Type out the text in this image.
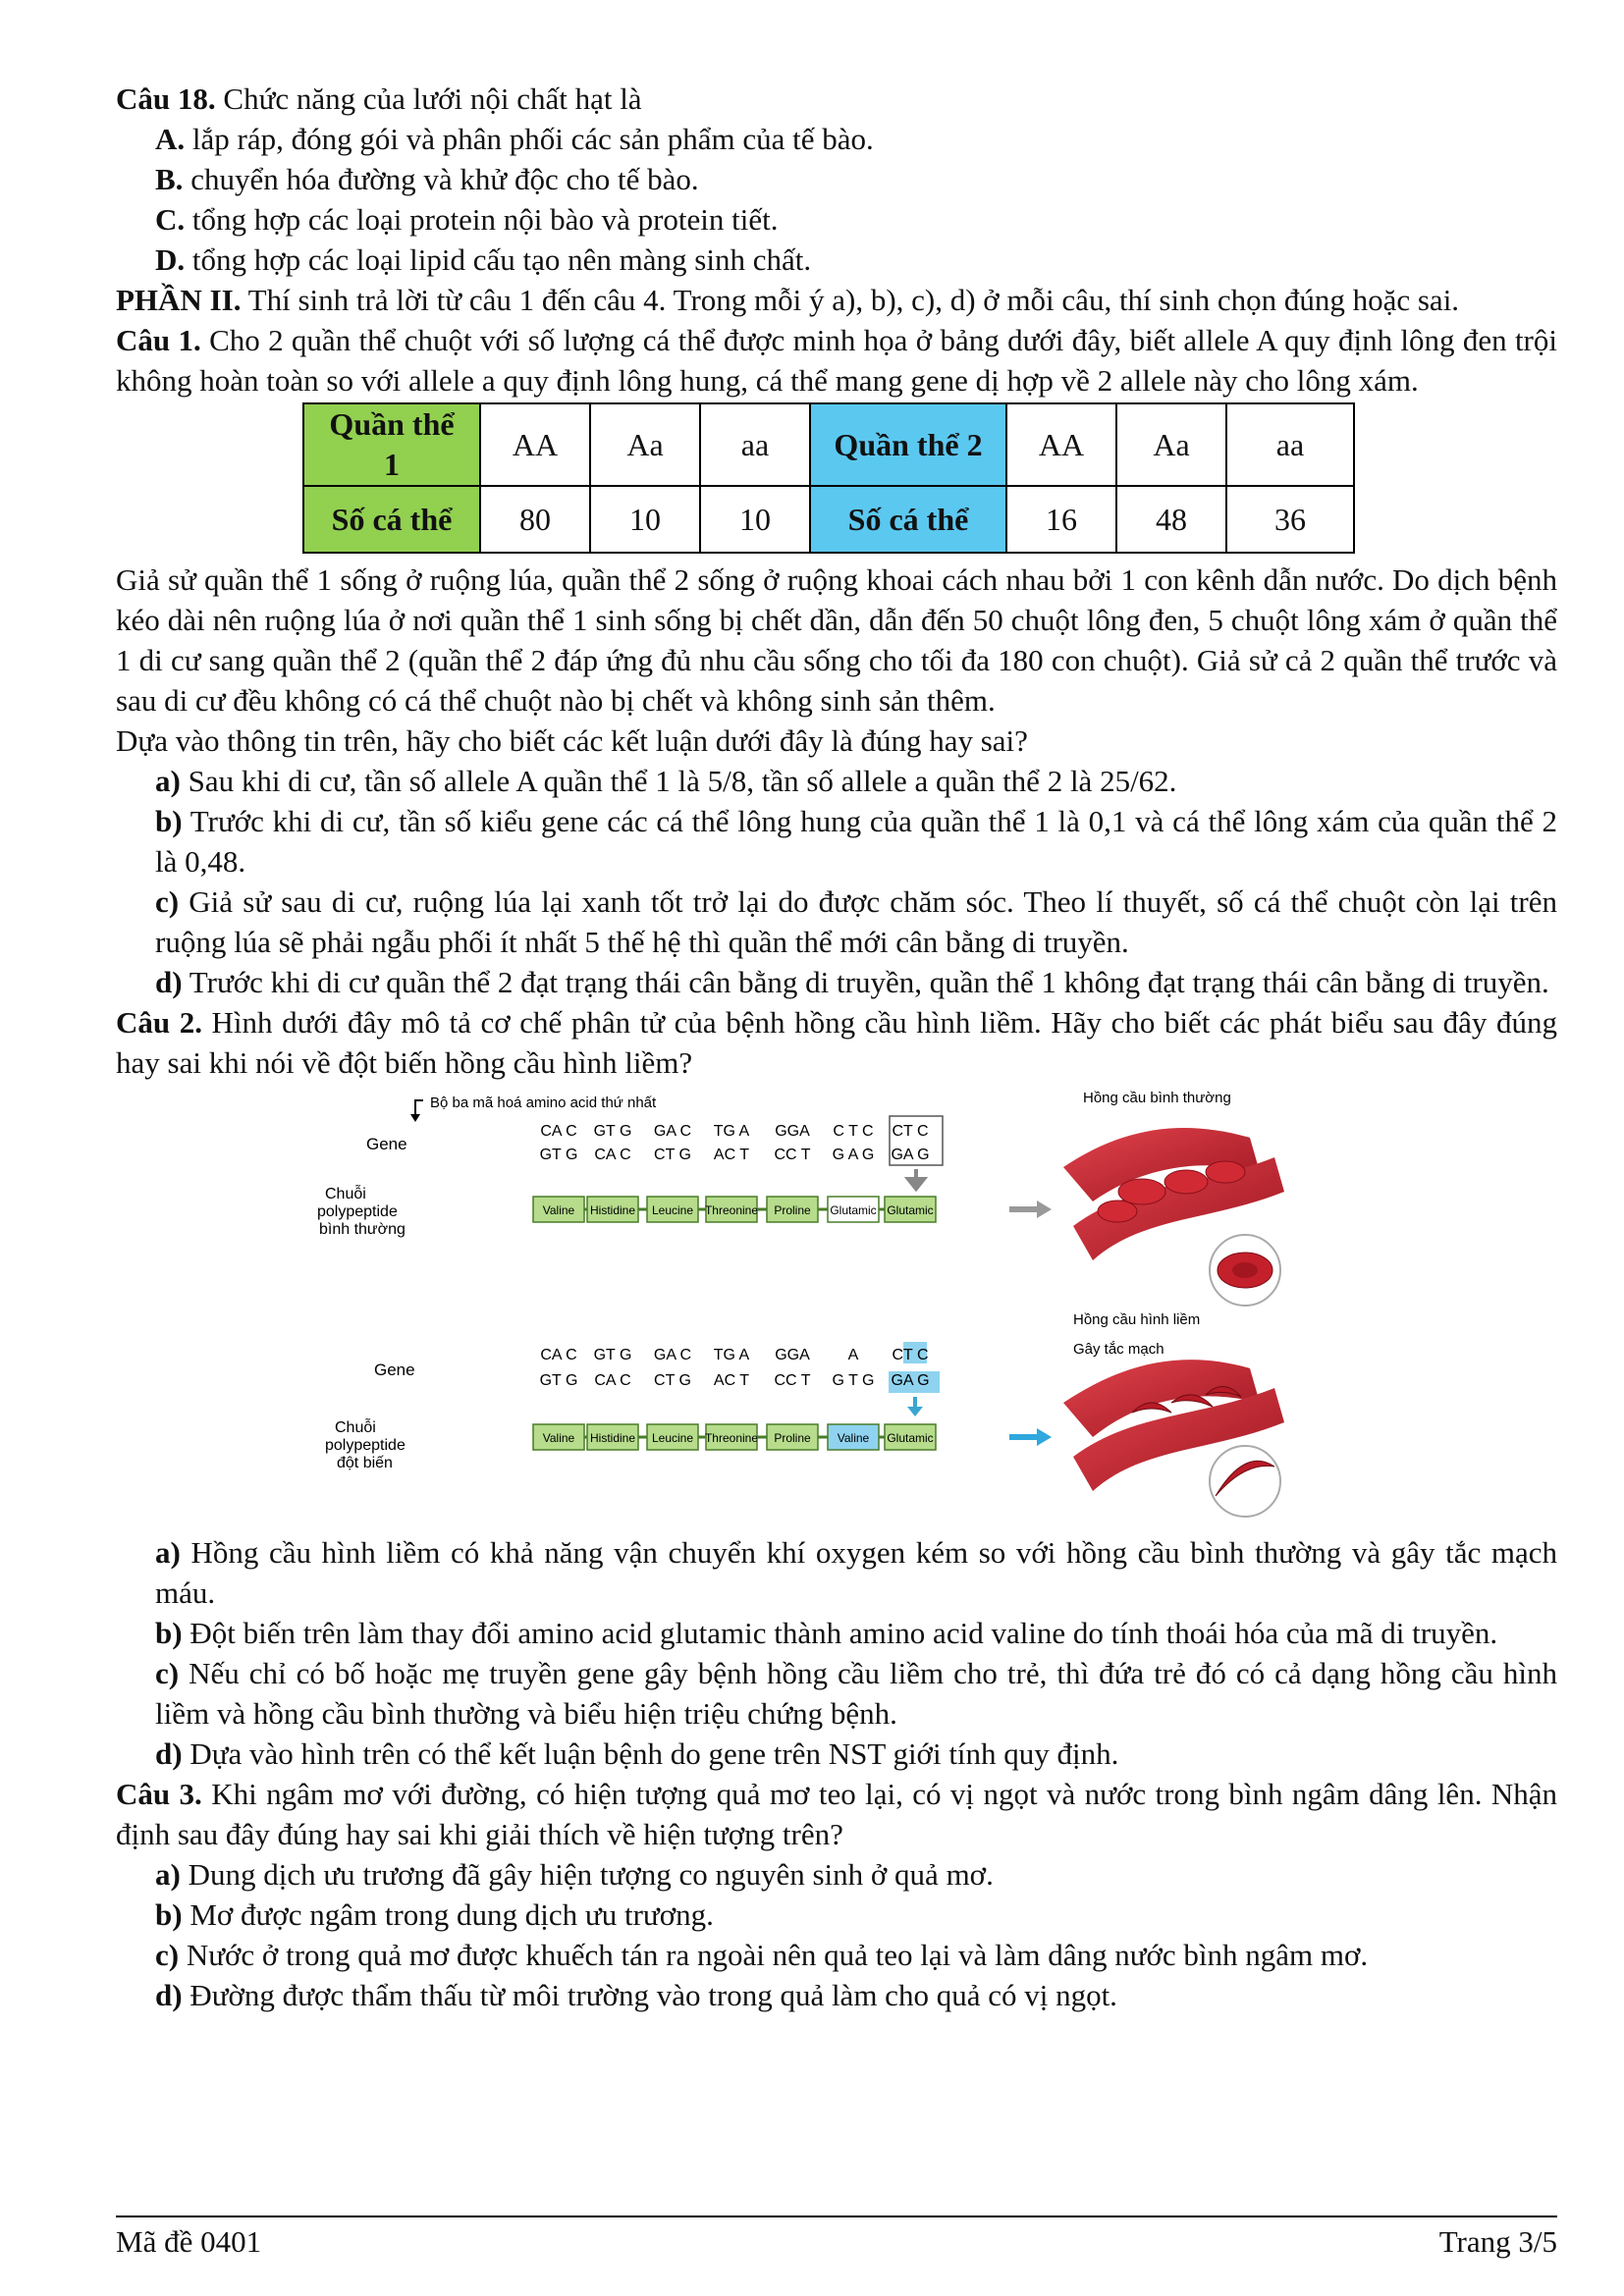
Câu 18. Chức năng của lưới nội chất hạt là

A. lắp ráp, đóng gói và phân phối các sản phẩm của tế bào.

B. chuyển hóa đường và khử độc cho tế bào.

C. tổng hợp các loại protein nội bào và protein tiết.

D. tổng hợp các loại lipid cấu tạo nên màng sinh chất.

PHẦN II. Thí sinh trả lời từ câu 1 đến câu 4. Trong mỗi ý a), b), c), d) ở mỗi câu, thí sinh chọn đúng hoặc sai.

Câu 1. Cho 2 quần thể chuột với số lượng cá thể được minh họa ở bảng dưới đây, biết allele A quy định lông đen trội không hoàn toàn so với allele a quy định lông hung, cá thể mang gene dị hợp về 2 allele này cho lông xám.

Quần thể 1	AA	Aa	aa	Quần thể 2	AA	Aa	aa
Số cá thể	80	10	10	Số cá thể	16	48	36

Giả sử quần thể 1 sống ở ruộng lúa, quần thể 2 sống ở ruộng khoai cách nhau bởi 1 con kênh dẫn nước. Do dịch bệnh kéo dài nên ruộng lúa ở nơi quần thể 1 sinh sống bị chết dần, dẫn đến 50 chuột lông đen, 5 chuột lông xám ở quần thể 1 di cư sang quần thể 2 (quần thể 2 đáp ứng đủ nhu cầu sống cho tối đa 180 con chuột). Giả sử cả 2 quần thể trước và sau di cư đều không có cá thể chuột nào bị chết và không sinh sản thêm.

Dựa vào thông tin trên, hãy cho biết các kết luận dưới đây là đúng hay sai?

a) Sau khi di cư, tần số allele A quần thể 1 là 5/8, tần số allele a quần thể 2 là 25/62.

b) Trước khi di cư, tần số kiểu gene các cá thể lông hung của quần thể 1 là 0,1 và cá thể lông xám của quần thể 2 là 0,48.

c) Giả sử sau di cư, ruộng lúa lại xanh tốt trở lại do được chăm sóc. Theo lí thuyết, số cá thể chuột còn lại trên ruộng lúa sẽ phải ngẫu phối ít nhất 5 thế hệ thì quần thể mới cân bằng di truyền.

d) Trước khi di cư quần thể 2 đạt trạng thái cân bằng di truyền, quần thể 1 không đạt trạng thái cân bằng di truyền.

Câu 2. Hình dưới đây mô tả cơ chế phân tử của bệnh hồng cầu hình liềm. Hãy cho biết các phát biểu sau đây đúng hay sai khi nói về đột biến hồng cầu hình liềm?

Bộ ba mã hoá amino acid thứ nhất
Gene
CA C GT G GA C TG A GGA C T C CT C
GT G CA C CT G AC T CC T G A G GA G
Chuỗi
polypeptide
bình thường
Valine Histidine Leucine Threonine Proline Glutamic Glutamic
Gene
CA C GT G GA C TG A GGA A CT C
GT G CA C CT G AC T CC T G T G GA G
Chuỗi
polypeptide
đột biến
Valine Histidine Leucine Threonine Proline Valine Glutamic
Hồng cầu bình thường
Hồng cầu hình liềm
Gây tắc mạch

a) Hồng cầu hình liềm có khả năng vận chuyển khí oxygen kém so với hồng cầu bình thường và gây tắc mạch máu.

b) Đột biến trên làm thay đổi amino acid glutamic thành amino acid valine do tính thoái hóa của mã di truyền.

c) Nếu chỉ có bố hoặc mẹ truyền gene gây bệnh hồng cầu liềm cho trẻ, thì đứa trẻ đó có cả dạng hồng cầu hình liềm và hồng cầu bình thường và biểu hiện triệu chứng bệnh.

d) Dựa vào hình trên có thể kết luận bệnh do gene trên NST giới tính quy định.

Câu 3. Khi ngâm mơ với đường, có hiện tượng quả mơ teo lại, có vị ngọt và nước trong bình ngâm dâng lên. Nhận định sau đây đúng hay sai khi giải thích về hiện tượng trên?

a) Dung dịch ưu trương đã gây hiện tượng co nguyên sinh ở quả mơ.

b) Mơ được ngâm trong dung dịch ưu trương.

c) Nước ở trong quả mơ được khuếch tán ra ngoài nên quả teo lại và làm dâng nước bình ngâm mơ.

d) Đường được thẩm thấu từ môi trường vào trong quả làm cho quả có vị ngọt.

Mã đề 0401	Trang 3/5
